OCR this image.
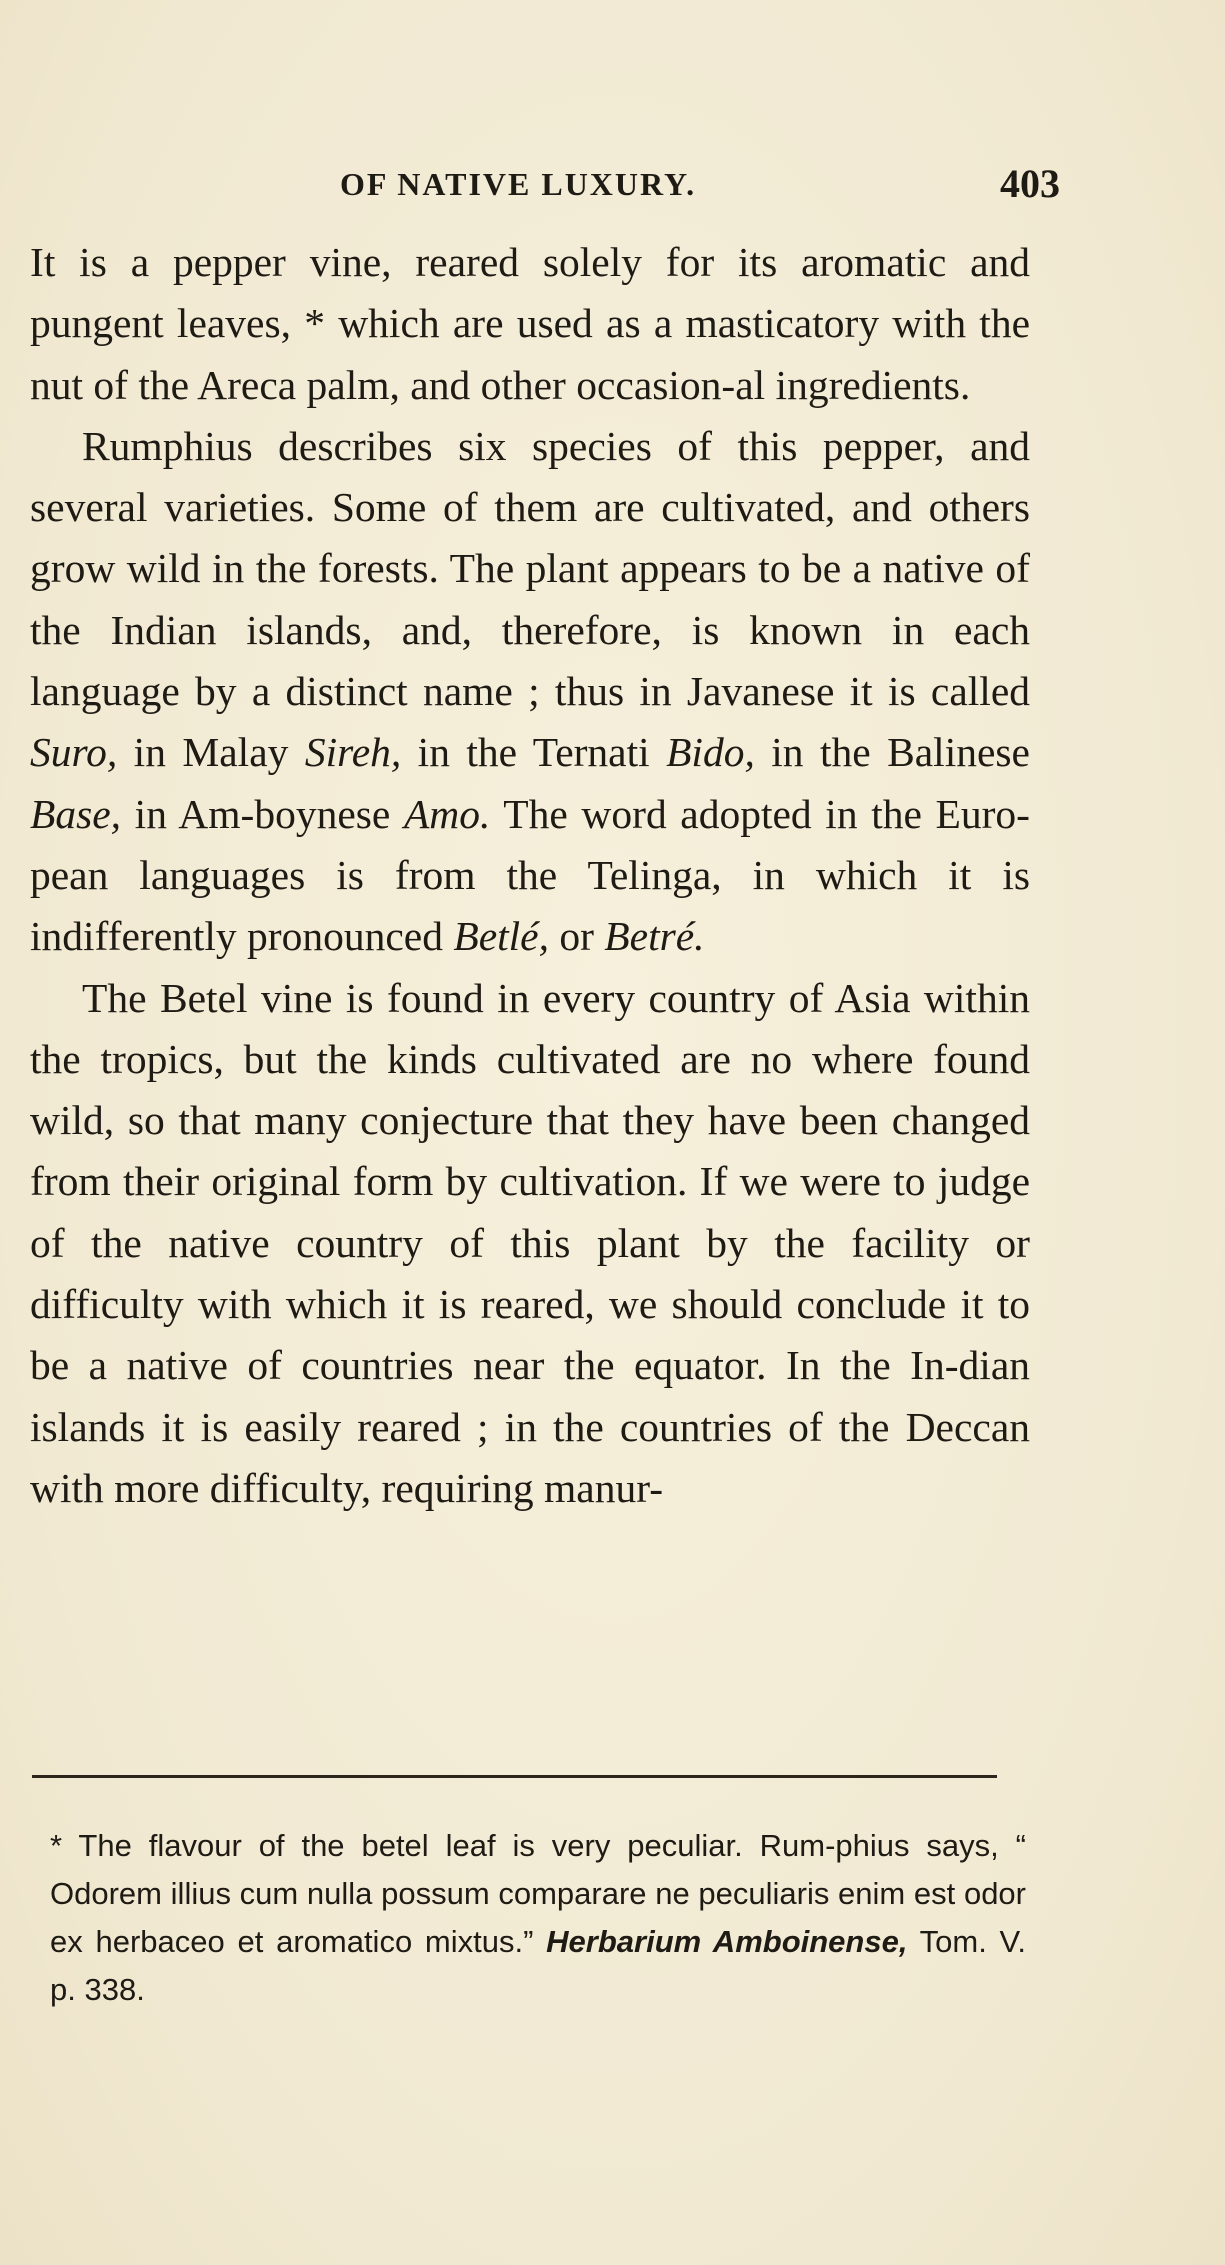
OF NATIVE LUXURY.	403

It is a pepper vine, reared solely for its aromatic and pungent leaves, * which are used as a masticatory with the nut of the Areca palm, and other occasion-al ingredients.

Rumphius describes six species of this pepper, and several varieties. Some of them are cultivated, and others grow wild in the forests. The plant appears to be a native of the Indian islands, and, therefore, is known in each language by a distinct name ; thus in Javanese it is called Suro, in Malay Sireh, in the Ternati Bido, in the Balinese Base, in Am-boynese Amo. The word adopted in the Euro-pean languages is from the Telinga, in which it is indifferently pronounced Betlé, or Betré.

The Betel vine is found in every country of Asia within the tropics, but the kinds cultivated are no where found wild, so that many conjecture that they have been changed from their original form by cultivation. If we were to judge of the native country of this plant by the facility or difficulty with which it is reared, we should conclude it to be a native of countries near the equator. In the In-dian islands it is easily reared ; in the countries of the Deccan with more difficulty, requiring manur-

* The flavour of the betel leaf is very peculiar. Rum-phius says, “ Odorem illius cum nulla possum comparare ne peculiaris enim est odor ex herbaceo et aromatico mixtus.” Herbarium Amboinense, Tom. V. p. 338.
